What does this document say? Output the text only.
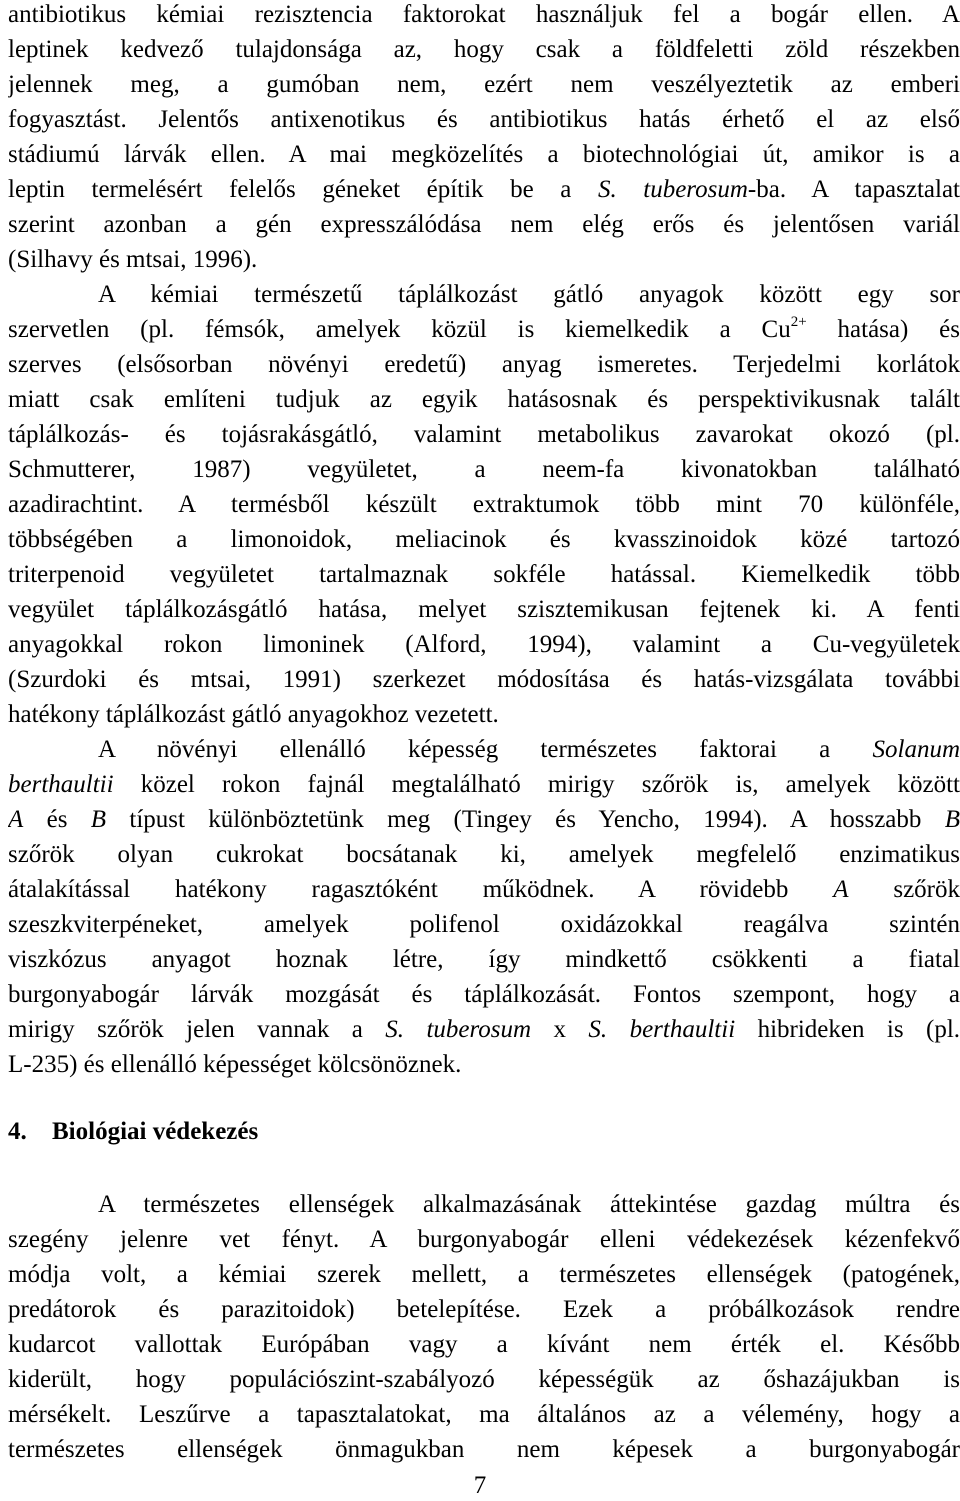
antibiotikus kémiai rezisztencia faktorokat használjuk fel a bogár ellen. A
leptinek kedvező tulajdonsága az, hogy csak a földfeletti zöld részekben
jelennek meg, a gumóban nem, ezért nem veszélyeztetik az emberi
fogyasztást. Jelentős antixenotikus és antibiotikus hatás érhető el az első
stádiumú lárvák ellen. A mai megközelítés a biotechnológiai út, amikor is a
leptin termelésért felelős géneket építik be a S. tuberosum-ba. A tapasztalat
szerint azonban a gén expresszálódása nem elég erős és jelentősen variál
(Silhavy és mtsai, 1996).
A kémiai természetű táplálkozást gátló anyagok között egy sor
szervetlen (pl. fémsók, amelyek közül is kiemelkedik a $Cu^{2+}$ hatása) és
szerves (elsősorban növényi eredetű) anyag ismeretes. Terjedelmi korlátok
miatt csak említeni tudjuk az egyik hatásosnak és perspektivikusnak talált
táplálkozás- és tojásrakásgátló, valamint metabolikus zavarokat okozó (pl.
Schmutterer, 1987) vegyületet, a neem-fa kivonatokban található
azadirachtint. A termésből készült extraktumok több mint 70 különféle,
többségében a limonoidok, meliacinok és kvasszinoidok közé tartozó
triterpenoid vegyületet tartalmaznak sokféle hatással. Kiemelkedik több
vegyület táplálkozásgátló hatása, melyet szisztemikusan fejtenek ki. A fenti
anyagokkal rokon limoninek (Alford, 1994), valamint a Cu-vegyületek
(Szurdoki és mtsai, 1991) szerkezet módosítása és hatás-vizsgálata további
hatékony táplálkozást gátló anyagokhoz vezetett.
A növényi ellenálló képesség természetes faktorai a Solanum
berthaultii közel rokon fajnál megtalálható mirigy szőrök is, amelyek között
A és B típust különböztetünk meg (Tingey és Yencho, 1994). A hosszabb B
szőrök olyan cukrokat bocsátanak ki, amelyek megfelelő enzimatikus
átalakítással hatékony ragasztóként működnek. A rövidebb A szőrök
szeszkviterpéneket, amelyek polifenol oxidázokkal reagálva szintén
viszkózus anyagot hoznak létre, így mindkettő csökkenti a fiatal
burgonyabogár lárvák mozgását és táplálkozását. Fontos szempont, hogy a
mirigy szőrök jelen vannak a S. tuberosum x S. berthaultii hibrideken is (pl.
L-235) és ellenálló képességet kölcsönöznek.
4. Biológiai védekezés
A természetes ellenségek alkalmazásának áttekintése gazdag múltra és
szegény jelenre vet fényt. A burgonyabogár elleni védekezések kézenfekvő
módja volt, a kémiai szerek mellett, a természetes ellenségek (patogének,
predátorok és parazitoidok) betelepítése. Ezek a próbálkozások rendre
kudarcot vallottak Európában vagy a kívánt nem érték el. Később
kiderült, hogy populációszint-szabályozó képességük az őshazájukban is
mérsékelt. Leszűrve a tapasztalatokat, ma általános az a vélemény, hogy a
természetes ellenségek önmagukban nem képesek a burgonyabogár
7
